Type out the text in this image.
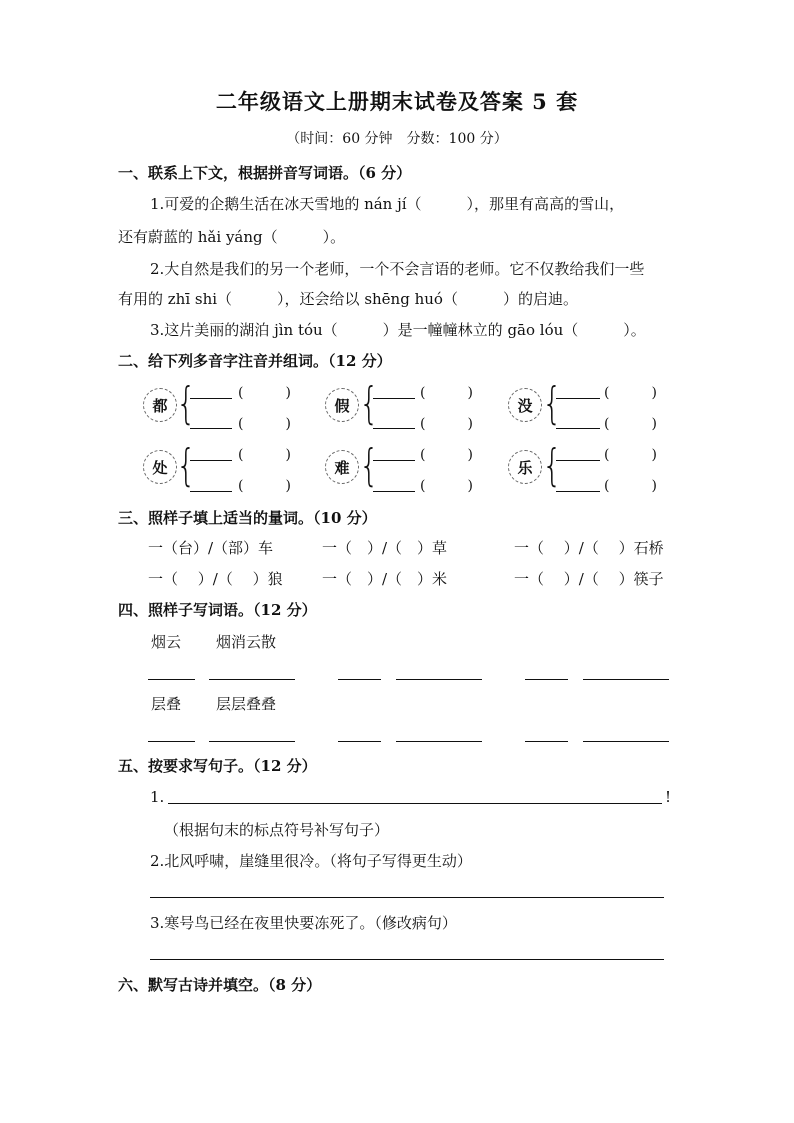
二年级语文上册期末试卷及答案 5 套
（时间：60 分钟　分数：100 分）
一、联系上下文，根据拼音写词语。（6 分）
1.可爱的企鹅生活在冰天雪地的 nán jí（　　　），那里有高高的雪山，
还有蔚蓝的 hǎi yáng（　　　）。
2.大自然是我们的另一个老师，一个不会言语的老师。它不仅教给我们一些
有用的 zhī shi（　　　），还会给以 shēng huó（　　　）的启迪。
3.这片美丽的湖泊 jìn tóu（　　　）是一幢幢林立的 gāo lóu（　　　）。
二、给下列多音字注音并组词。（12 分）
都 {	(　　　)
(　　　)
假 {	(　　　)
(　　　)
没 {	(　　　)
(　　　)
处 {	(　　　)
(　　　)
难 {	(　　　)
(　　　)
乐 {	(　　　)
(　　　)
三、照样子填上适当的量词。（10 分）
一（台）/（部）车	一（　）/（　）草	一（　 ）/（　 ）石桥
一（　 ）/（　 ）狼	一（　）/（　）米	一（　 ）/（　 ）筷子
四、照样子写词语。（12 分）
烟云 烟消云散
层叠 层层叠叠
五、按要求写句子。（12 分）
1.	!
（根据句末的标点符号补写句子）
2.北风呼啸，崖缝里很冷。（将句子写得更生动）
3.寒号鸟已经在夜里快要冻死了。（修改病句）
六、默写古诗并填空。（8 分）
